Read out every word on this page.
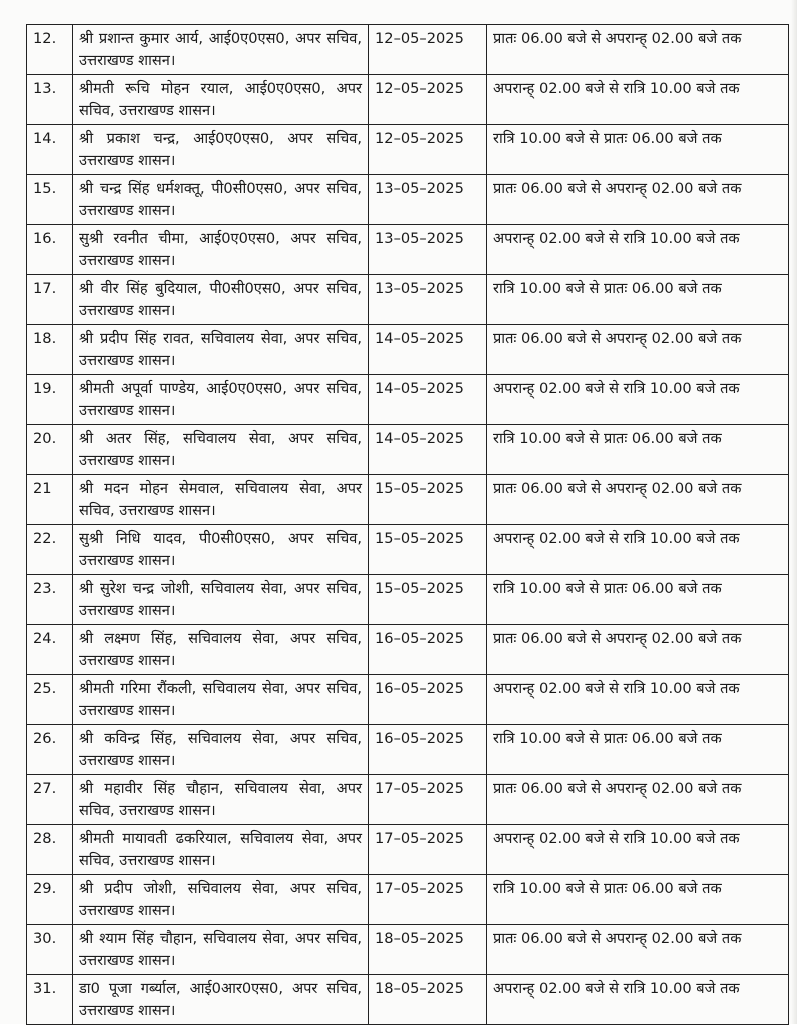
12.	श्री प्रशान्त कुमार आर्य, आई0ए0एस0, अपर सचिव, उत्तराखण्ड शासन।	12–05–2025	प्रातः 06.00 बजे से अपरान्ह् 02.00 बजे तक
13.	श्रीमती रूचि मोहन रयाल, आई0ए0एस0, अपर सचिव, उत्तराखण्ड शासन।	12–05–2025	अपरान्ह् 02.00 बजे से रात्रि 10.00 बजे तक
14.	श्री प्रकाश चन्द्र, आई0ए0एस0, अपर सचिव, उत्तराखण्ड शासन।	12–05–2025	रात्रि 10.00 बजे से प्रातः 06.00 बजे तक
15.	श्री चन्द्र सिंह धर्मशक्तू, पी0सी0एस0, अपर सचिव, उत्तराखण्ड शासन।	13–05–2025	प्रातः 06.00 बजे से अपरान्ह् 02.00 बजे तक
16.	सुश्री रवनीत चीमा, आई0ए0एस0, अपर सचिव, उत्तराखण्ड शासन।	13–05–2025	अपरान्ह् 02.00 बजे से रात्रि 10.00 बजे तक
17.	श्री वीर सिंह बुदियाल, पी0सी0एस0, अपर सचिव, उत्तराखण्ड शासन।	13–05–2025	रात्रि 10.00 बजे से प्रातः 06.00 बजे तक
18.	श्री प्रदीप सिंह रावत, सचिवालय सेवा, अपर सचिव, उत्तराखण्ड शासन।	14–05–2025	प्रातः 06.00 बजे से अपरान्ह् 02.00 बजे तक
19.	श्रीमती अपूर्वा पाण्डेय, आई0ए0एस0, अपर सचिव, उत्तराखण्ड शासन।	14–05–2025	अपरान्ह् 02.00 बजे से रात्रि 10.00 बजे तक
20.	श्री अतर सिंह, सचिवालय सेवा, अपर सचिव, उत्तराखण्ड शासन।	14–05–2025	रात्रि 10.00 बजे से प्रातः 06.00 बजे तक
21	श्री मदन मोहन सेमवाल, सचिवालय सेवा, अपर सचिव, उत्तराखण्ड शासन।	15–05–2025	प्रातः 06.00 बजे से अपरान्ह् 02.00 बजे तक
22.	सुश्री निधि यादव, पी0सी0एस0, अपर सचिव, उत्तराखण्ड शासन।	15–05–2025	अपरान्ह् 02.00 बजे से रात्रि 10.00 बजे तक
23.	श्री सुरेश चन्द्र जोशी, सचिवालय सेवा, अपर सचिव, उत्तराखण्ड शासन।	15–05–2025	रात्रि 10.00 बजे से प्रातः 06.00 बजे तक
24.	श्री लक्ष्मण सिंह, सचिवालय सेवा, अपर सचिव, उत्तराखण्ड शासन।	16–05–2025	प्रातः 06.00 बजे से अपरान्ह् 02.00 बजे तक
25.	श्रीमती गरिमा रौंकली, सचिवालय सेवा, अपर सचिव, उत्तराखण्ड शासन।	16–05–2025	अपरान्ह् 02.00 बजे से रात्रि 10.00 बजे तक
26.	श्री कविन्द्र सिंह, सचिवालय सेवा, अपर सचिव, उत्तराखण्ड शासन।	16–05–2025	रात्रि 10.00 बजे से प्रातः 06.00 बजे तक
27.	श्री महावीर सिंह चौहान, सचिवालय सेवा, अपर सचिव, उत्तराखण्ड शासन।	17–05–2025	प्रातः 06.00 बजे से अपरान्ह् 02.00 बजे तक
28.	श्रीमती मायावती ढकरियाल, सचिवालय सेवा, अपर सचिव, उत्तराखण्ड शासन।	17–05–2025	अपरान्ह् 02.00 बजे से रात्रि 10.00 बजे तक
29.	श्री प्रदीप जोशी, सचिवालय सेवा, अपर सचिव, उत्तराखण्ड शासन।	17–05–2025	रात्रि 10.00 बजे से प्रातः 06.00 बजे तक
30.	श्री श्याम सिंह चौहान, सचिवालय सेवा, अपर सचिव, उत्तराखण्ड शासन।	18–05–2025	प्रातः 06.00 बजे से अपरान्ह् 02.00 बजे तक
31.	डा0 पूजा गर्ब्याल, आई0आर0एस0, अपर सचिव, उत्तराखण्ड शासन।	18–05–2025	अपरान्ह् 02.00 बजे से रात्रि 10.00 बजे तक
